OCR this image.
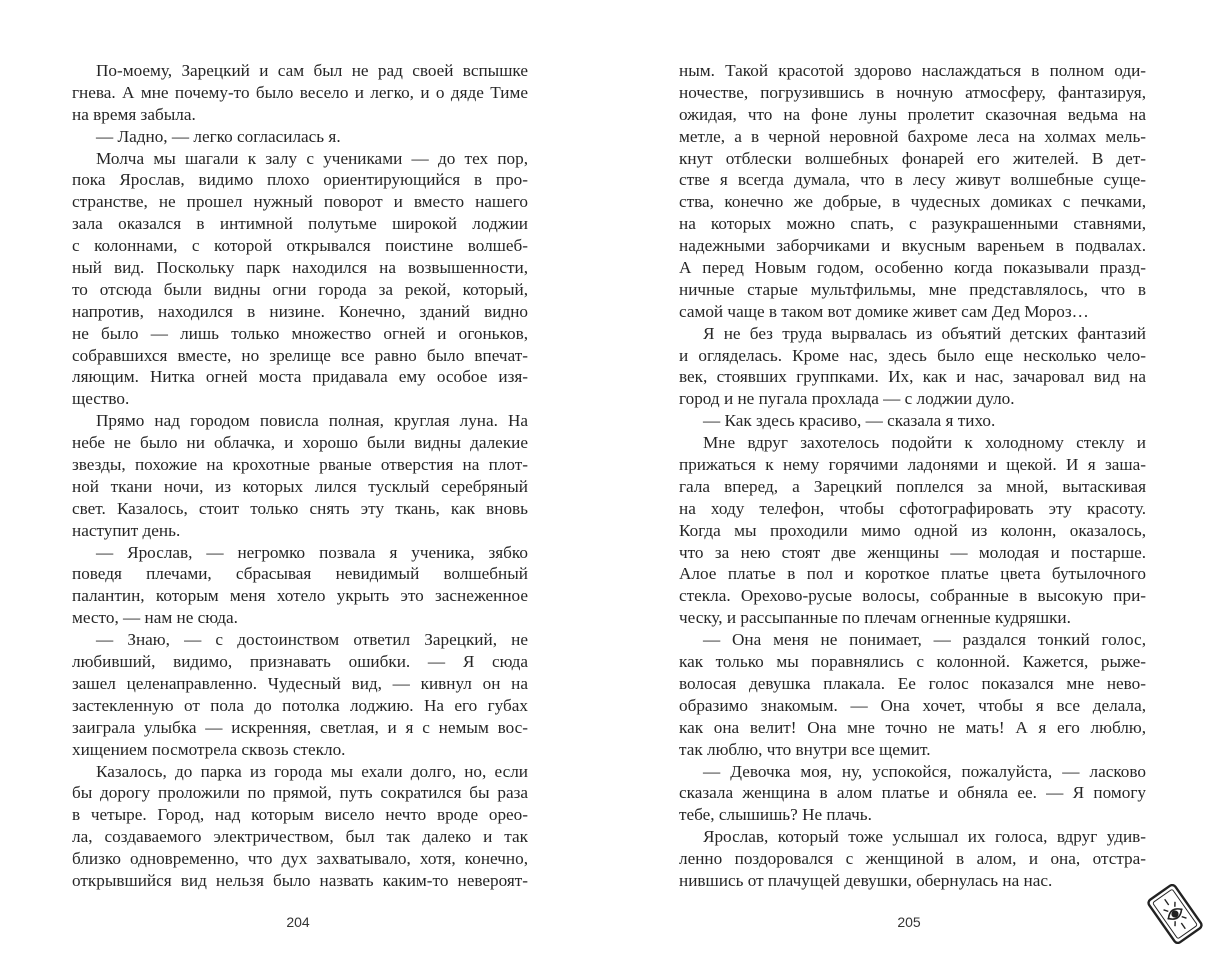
По-моему, Зарецкий и сам был не рад своей вспышке
гнева. А мне почему-то было весело и легко, и о дяде Тиме
на время забыла.
— Ладно, — легко согласилась я.
Молча мы шагали к залу с учениками — до тех пор,
пока Ярослав, видимо плохо ориентирующийся в про-
странстве, не прошел нужный поворот и вместо нашего
зала оказался в интимной полутьме широкой лоджии
с колоннами, с которой открывался поистине волшеб-
ный вид. Поскольку парк находился на возвышенности,
то отсюда были видны огни города за рекой, который,
напротив, находился в низине. Конечно, зданий видно
не было — лишь только множество огней и огоньков,
собравшихся вместе, но зрелище все равно было впечат-
ляющим. Нитка огней моста придавала ему особое изя-
щество.
Прямо над городом повисла полная, круглая луна. На
небе не было ни облачка, и хорошо были видны далекие
звезды, похожие на крохотные рваные отверстия на плот-
ной ткани ночи, из которых лился тусклый серебряный
свет. Казалось, стоит только снять эту ткань, как вновь
наступит день.
— Ярослав, — негромко позвала я ученика, зябко
поведя плечами, сбрасывая невидимый волшебный
палантин, которым меня хотело укрыть это заснеженное
место, — нам не сюда.
— Знаю, — с достоинством ответил Зарецкий, не
любивший, видимо, признавать ошибки. — Я сюда
зашел целенаправленно. Чудесный вид, — кивнул он на
застекленную от пола до потолка лоджию. На его губах
заиграла улыбка — искренняя, светлая, и я с немым вос-
хищением посмотрела сквозь стекло.
Казалось, до парка из города мы ехали долго, но, если
бы дорогу проложили по прямой, путь сократился бы раза
в четыре. Город, над которым висело нечто вроде орео-
ла, создаваемого электричеством, был так далеко и так
близко одновременно, что дух захватывало, хотя, конечно,
открывшийся вид нельзя было назвать каким-то невероят-
204
ным. Такой красотой здорово наслаждаться в полном оди-
ночестве, погрузившись в ночную атмосферу, фантазируя,
ожидая, что на фоне луны пролетит сказочная ведьма на
метле, а в черной неровной бахроме леса на холмах мель-
кнут отблески волшебных фонарей его жителей. В дет-
стве я всегда думала, что в лесу живут волшебные суще-
ства, конечно же добрые, в чудесных домиках с печками,
на которых можно спать, с разукрашенными ставнями,
надежными заборчиками и вкусным вареньем в подвалах.
А перед Новым годом, особенно когда показывали празд-
ничные старые мультфильмы, мне представлялось, что в
самой чаще в таком вот домике живет сам Дед Мороз…
Я не без труда вырвалась из объятий детских фантазий
и огляделась. Кроме нас, здесь было еще несколько чело-
век, стоявших группками. Их, как и нас, зачаровал вид на
город и не пугала прохлада — с лоджии дуло.
— Как здесь красиво, — сказала я тихо.
Мне вдруг захотелось подойти к холодному стеклу и
прижаться к нему горячими ладонями и щекой. И я зашa-
гала вперед, а Зарецкий поплелся за мной, вытаскивая
на ходу телефон, чтобы сфотографировать эту красоту.
Когда мы проходили мимо одной из колонн, оказалось,
что за нею стоят две женщины — молодая и постарше.
Алое платье в пол и короткое платье цвета бутылочного
стекла. Орехово-русые волосы, собранные в высокую при-
ческу, и рассыпанные по плечам огненные кудряшки.
— Она меня не понимает, — раздался тонкий голос,
как только мы поравнялись с колонной. Кажется, рыже-
волосая девушка плакала. Ее голос показался мне нево-
образимо знакомым. — Она хочет, чтобы я все делала,
как она велит! Она мне точно не мать! А я его люблю,
так люблю, что внутри все щемит.
— Девочка моя, ну, успокойся, пожалуйста, — ласково
сказала женщина в алом платье и обняла ее. — Я помогу
тебе, слышишь? Не плачь.
Ярослав, который тоже услышал их голоса, вдруг удив-
ленно поздоровался с женщиной в алом, и она, отстра-
нившись от плачущей девушки, обернулась на нас.
205
